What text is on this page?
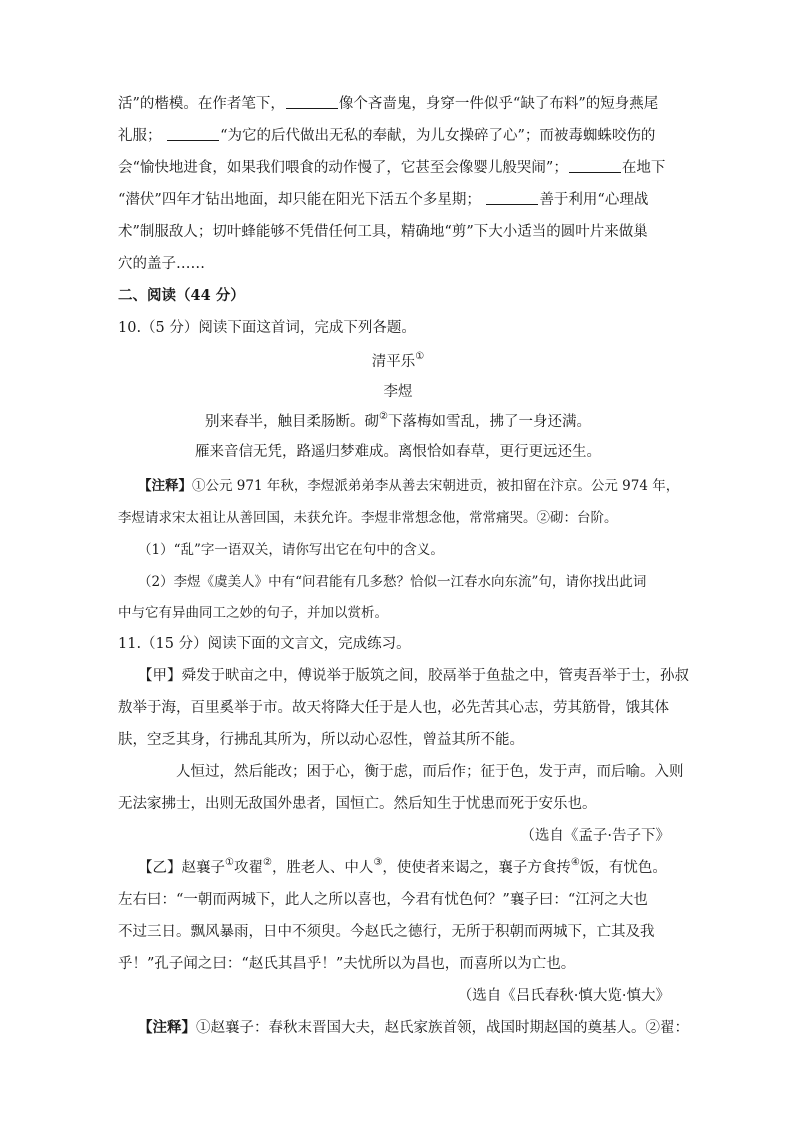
活”的楷模。在作者笔下，	像个吝啬鬼，身穿一件似乎“缺了布料”的短身燕尾
礼服；	“为它的后代做出无私的奉献，为儿女操碎了心”；而被毒蜘蛛咬伤的
会“愉快地进食，如果我们喂食的动作慢了，它甚至会像婴儿般哭闹”；	在地下
“潜伏”四年才钻出地面，却只能在阳光下活五个多星期；	善于利用“心理战
术”制服敌人；切叶蜂能够不凭借任何工具，精确地“剪”下大小适当的圆叶片来做巢
穴的盖子……
二、阅读（44 分）
10.（5 分）阅读下面这首词，完成下列各题。
清平乐①
李煜
别来春半，触目柔肠断。砌②下落梅如雪乱，拂了一身还满。
雁来音信无凭，路遥归梦难成。离恨恰如春草，更行更远还生。
【注释】①公元 971 年秋，李煜派弟弟李从善去宋朝进贡，被扣留在汴京。公元 974 年，
李煜请求宋太祖让从善回国，未获允许。李煜非常想念他，常常痛哭。②砌：台阶。
（1）“乱”字一语双关，请你写出它在句中的含义。
（2）李煜《虞美人》中有“问君能有几多愁？恰似一江春水向东流”句，请你找出此词
中与它有异曲同工之妙的句子，并加以赏析。
11.（15 分）阅读下面的文言文，完成练习。
【甲】舜发于畎亩之中，傅说举于版筑之间，胶鬲举于鱼盐之中，管夷吾举于士，孙叔
敖举于海，百里奚举于市。故天将降大任于是人也，必先苦其心志，劳其筋骨，饿其体
肤，空乏其身，行拂乱其所为，所以动心忍性，曾益其所不能。
人恒过，然后能改；困于心，衡于虑，而后作；征于色，发于声，而后喻。入则
无法家拂士，出则无敌国外患者，国恒亡。然后知生于忧患而死于安乐也。
（选自《孟子·告子下》
【乙】赵襄子①攻翟②，胜老人、中人③，使使者来谒之，襄子方食抟④饭，有忧色。
左右曰：“一朝而两城下，此人之所以喜也，今君有忧色何？”襄子曰：“江河之大也
不过三日。飘风暴雨，日中不须臾。今赵氏之德行，无所于积朝而两城下，亡其及我
乎！”孔子闻之曰：“赵氏其昌乎！”夫忧所以为昌也，而喜所以为亡也。
（选自《吕氏春秋·慎大览·慎大》
【注释】①赵襄子：春秋末晋国大夫，赵氏家族首领，战国时期赵国的奠基人。②翟：
